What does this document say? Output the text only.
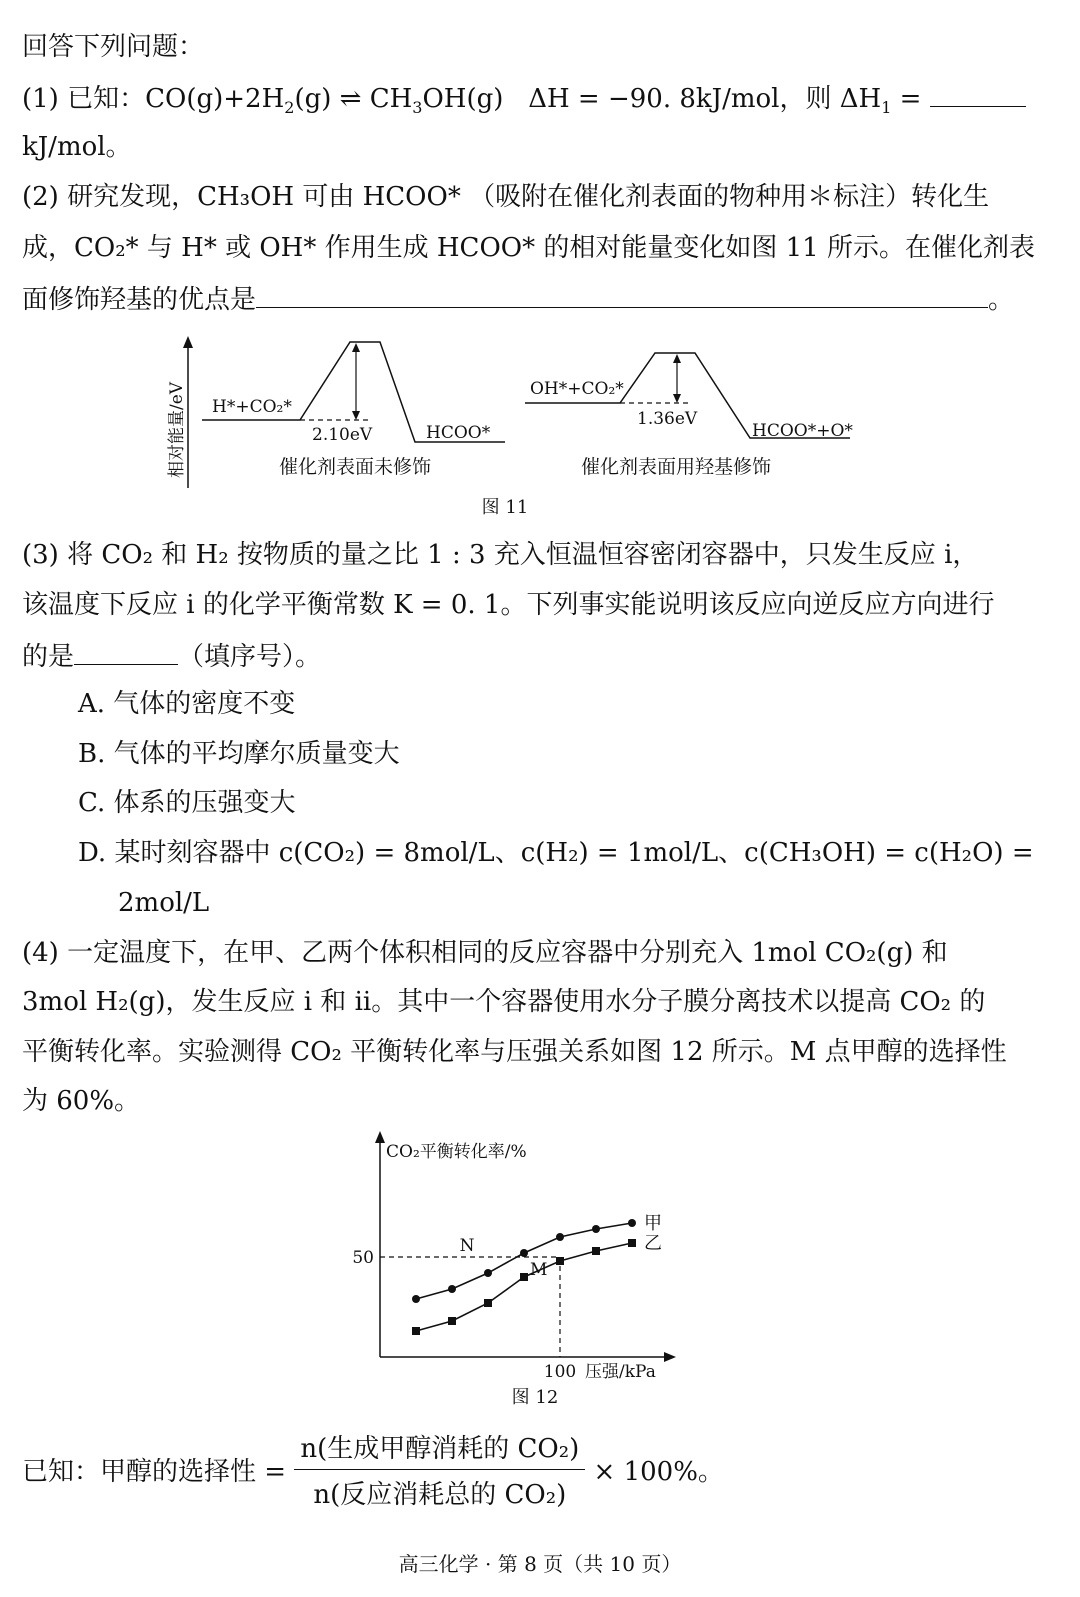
回答下列问题：
(1) 已知：$CO(g)+2H_2(g)$ ⇌ $CH_3OH(g) \Delta H = -90$. 8kJ/mol，则 $\Delta H_1$ =
kJ/mol。
(2) 研究发现，CH₃OH 可由 HCOO* （吸附在催化剂表面的物种用＊标注）转化生
成，CO₂* 与 H* 或 OH* 作用生成 HCOO* 的相对能量变化如图 11 所示。在催化剂表
面修饰羟基的优点是	。
相对能量/eV H*+CO₂*
2.10eV	HCOO*
催化剂表面未修饰
OH*+CO₂*
1.36eV
HCOO*+O*
催化剂表面用羟基修饰
图 11
(3) 将 CO₂ 和 H₂ 按物质的量之比 1 : 3 充入恒温恒容密闭容器中，只发生反应 i，
该温度下反应 i 的化学平衡常数 K = 0. 1。下列事实能说明该反应向逆反应方向进行
的是	（填序号）。
A. 气体的密度不变
B. 气体的平均摩尔质量变大
C. 体系的压强变大
D. 某时刻容器中 c(CO₂) = 8mol/L、c(H₂) = 1mol/L、c(CH₃OH) = c(H₂O) =
2mol/L
(4) 一定温度下，在甲、乙两个体积相同的反应容器中分别充入 1mol CO₂(g) 和
3mol H₂(g)，发生反应 i 和 ii。其中一个容器使用水分子膜分离技术以提高 CO₂ 的
平衡转化率。实验测得 CO₂ 平衡转化率与压强关系如图 12 所示。M 点甲醇的选择性
为 60%。
CO₂平衡转化率/%
压强/kPa
50
100
甲
乙
N
M
图 12
已知：甲醇的选择性 = $\frac{\text{n(生成甲醇消耗的 CO₂)}}{\text{n(反应消耗总的 CO₂)}} \times 100\%$。
高三化学 · 第 8 页（共 10 页）
